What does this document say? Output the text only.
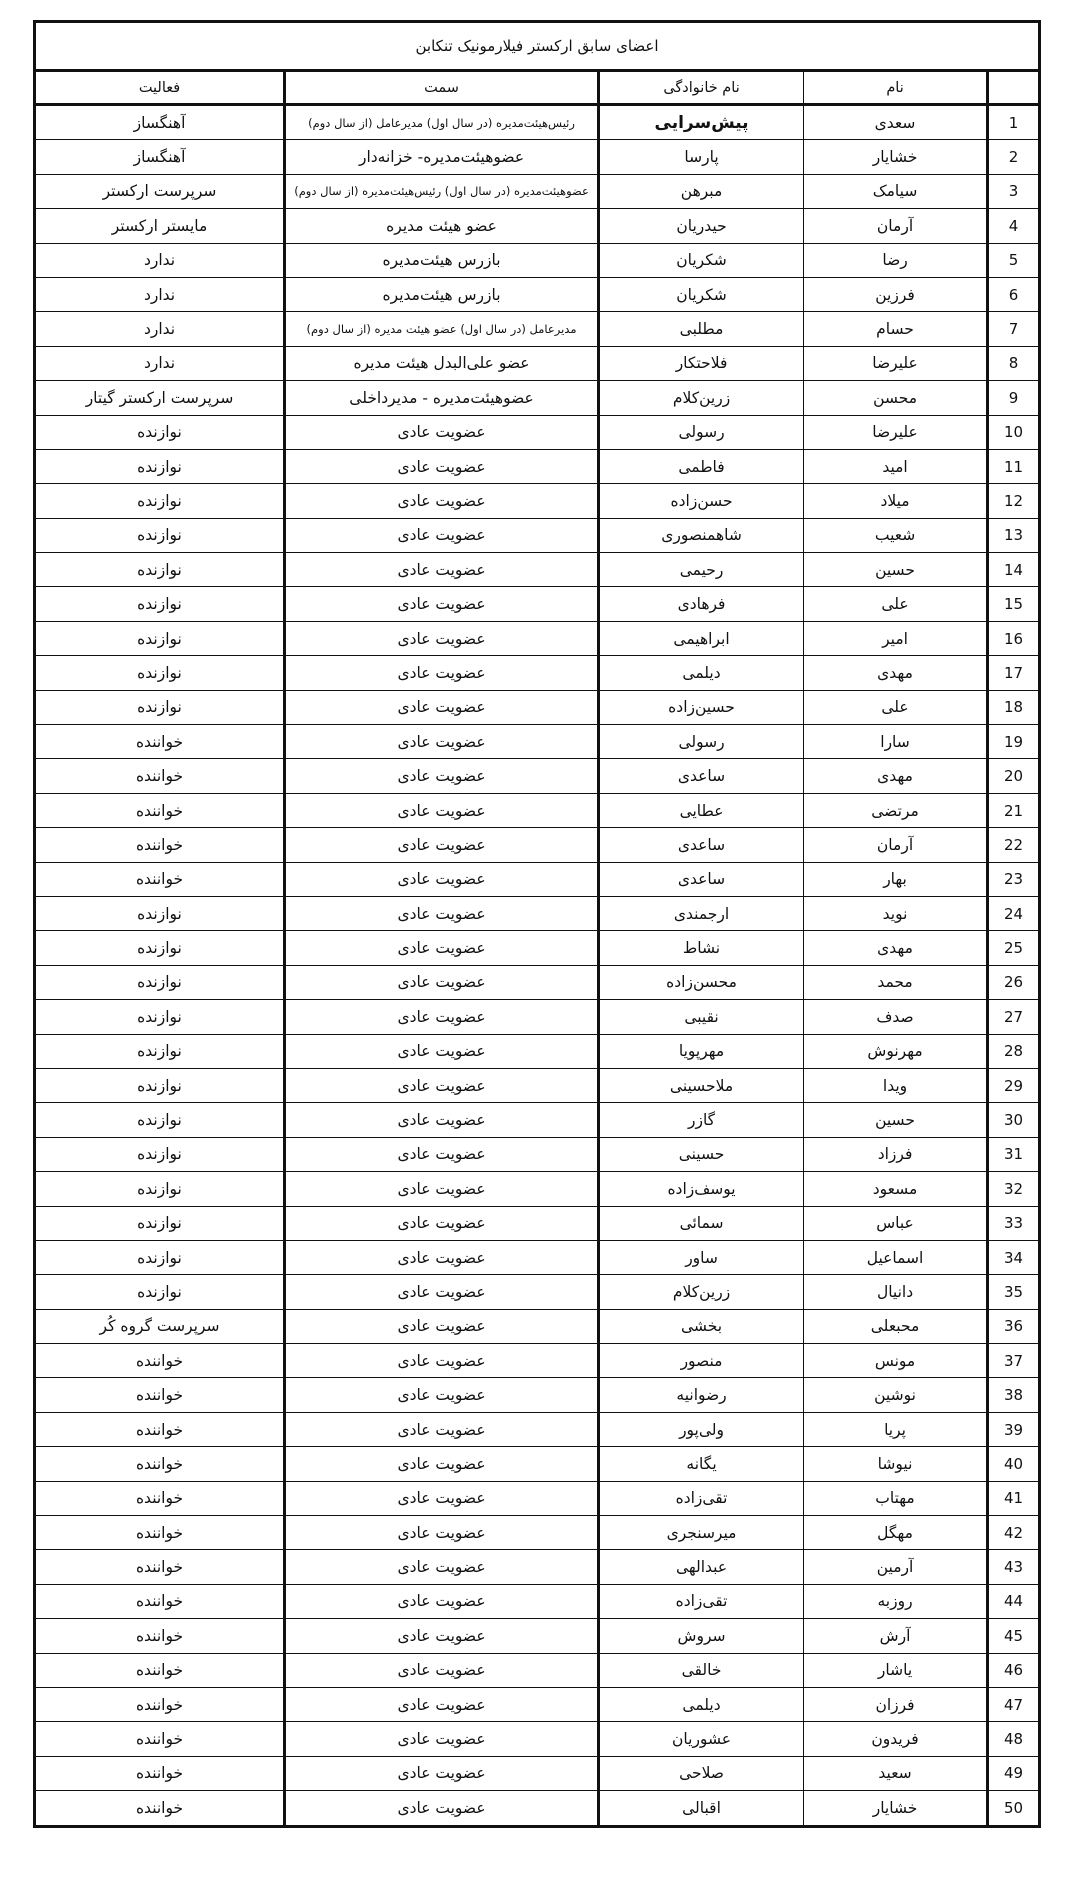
اعضای سابق ارکستر فیلارمونیک تنکابن				
	نام	نام خانوادگی	سمت	فعالیت
1	سعدی	پیش‌سرایی	رئیس‌هیئت‌مدیره (در سال اول) مدیرعامل (از سال دوم)	آهنگساز
2	خشایار	پارسا	عضوهیئت‌مدیره- خزانه‌دار	آهنگساز
3	سیامک	مبرهن	عضوهیئت‌مدیره (در سال اول) رئیس‌هیئت‌مدیره (از سال دوم)	سرپرست ارکستر
4	آرمان	حیدریان	عضو هیئت مدیره	مایستر ارکستر
5	رضا	شکریان	بازرس هیئت‌مدیره	ندارد
6	فرزین	شکریان	بازرس هیئت‌مدیره	ندارد
7	حسام	مطلبی	مدیرعامل (در سال اول) عضو هیئت مدیره (از سال دوم)	ندارد
8	علیرضا	فلاحتکار	عضو علی‌البدل هیئت مدیره	ندارد
9	محسن	زرین‌کلام	عضوهیئت‌مدیره - مدیرداخلی	سرپرست ارکستر گیتار
10	علیرضا	رسولی	عضویت عادی	نوازنده
11	امید	فاطمی	عضویت عادی	نوازنده
12	میلاد	حسن‌زاده	عضویت عادی	نوازنده
13	شعیب	شاهمنصوری	عضویت عادی	نوازنده
14	حسین	رحیمی	عضویت عادی	نوازنده
15	علی	فرهادی	عضویت عادی	نوازنده
16	امیر	ابراهیمی	عضویت عادی	نوازنده
17	مهدی	دیلمی	عضویت عادی	نوازنده
18	علی	حسین‌زاده	عضویت عادی	نوازنده
19	سارا	رسولی	عضویت عادی	خواننده
20	مهدی	ساعدی	عضویت عادی	خواننده
21	مرتضی	عطایی	عضویت عادی	خواننده
22	آرمان	ساعدی	عضویت عادی	خواننده
23	بهار	ساعدی	عضویت عادی	خواننده
24	نوید	ارجمندی	عضویت عادی	نوازنده
25	مهدی	نشاط	عضویت عادی	نوازنده
26	محمد	محسن‌زاده	عضویت عادی	نوازنده
27	صدف	نقیبی	عضویت عادی	نوازنده
28	مهرنوش	مهرپویا	عضویت عادی	نوازنده
29	ویدا	ملاحسینی	عضویت عادی	نوازنده
30	حسین	گازر	عضویت عادی	نوازنده
31	فرزاد	حسینی	عضویت عادی	نوازنده
32	مسعود	یوسف‌زاده	عضویت عادی	نوازنده
33	عباس	سمائی	عضویت عادی	نوازنده
34	اسماعیل	ساور	عضویت عادی	نوازنده
35	دانیال	زرین‌کلام	عضویت عادی	نوازنده
36	محبعلی	بخشی	عضویت عادی	سرپرست گروه کُر
37	مونس	منصور	عضویت عادی	خواننده
38	نوشین	رضوانیه	عضویت عادی	خواننده
39	پریا	ولی‌پور	عضویت عادی	خواننده
40	نیوشا	یگانه	عضویت عادی	خواننده
41	مهتاب	تقی‌زاده	عضویت عادی	خواننده
42	مهگل	میرسنجری	عضویت عادی	خواننده
43	آرمین	عبدالهی	عضویت عادی	خواننده
44	روزبه	تقی‌زاده	عضویت عادی	خواننده
45	آرش	سروش	عضویت عادی	خواننده
46	یاشار	خالقی	عضویت عادی	خواننده
47	فرزان	دیلمی	عضویت عادی	خواننده
48	فریدون	عشوریان	عضویت عادی	خواننده
49	سعید	صلاحی	عضویت عادی	خواننده
50	خشایار	اقبالی	عضویت عادی	خواننده
